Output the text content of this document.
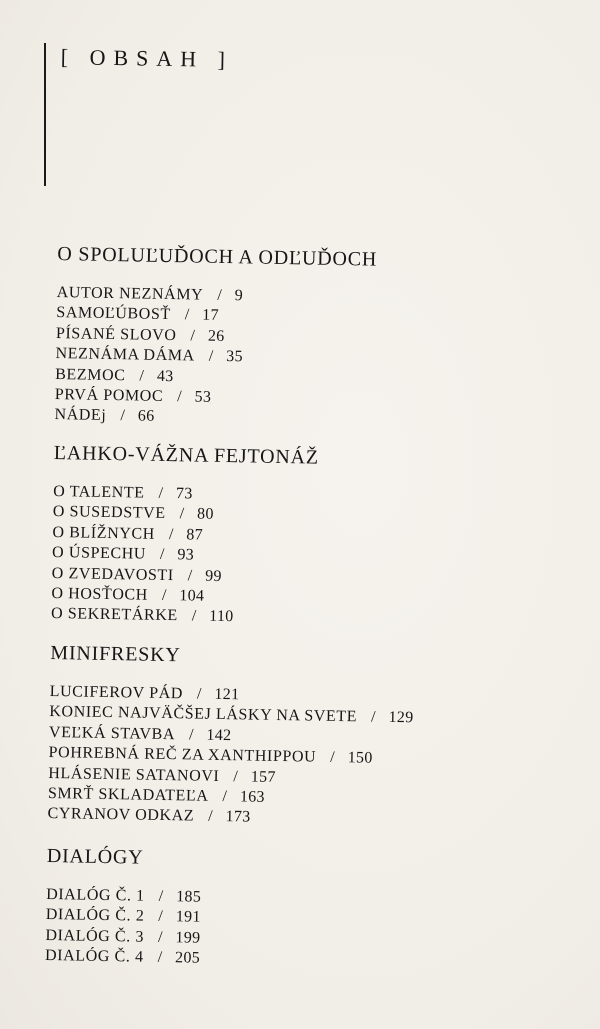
[ OBSAH ]
O SPOLUĽUĎOCH A ODĽUĎOCH
AUTOR NEZNÁMY / 9
SAMOĽÚBOSŤ / 17
PÍSANÉ SLOVO / 26
NEZNÁMA DÁMA / 35
BEZMOC / 43
PRVÁ POMOC / 53
NÁDEj / 66
ĽAHKO-VÁŽNA FEJTONÁŽ
O TALENTE / 73
O SUSEDSTVE / 80
O BLÍŽNYCH / 87
O ÚSPECHU / 93
O ZVEDAVOSTI / 99
O HOSŤOCH / 104
O SEKRETÁRKE / 110
MINIFRESKY
LUCIFEROV PÁD / 121
KONIEC NAJVÄČŠEJ LÁSKY NA SVETE / 129
VEĽKÁ STAVBA / 142
POHREBNÁ REČ ZA XANTHIPPOU / 150
HLÁSENIE SATANOVI / 157
SMRŤ SKLADATEĽA / 163
CYRANOV ODKAZ / 173
DIALÓGY
DIALÓG Č. 1 / 185
DIALÓG Č. 2 / 191
DIALÓG Č. 3 / 199
DIALÓG Č. 4 / 205
